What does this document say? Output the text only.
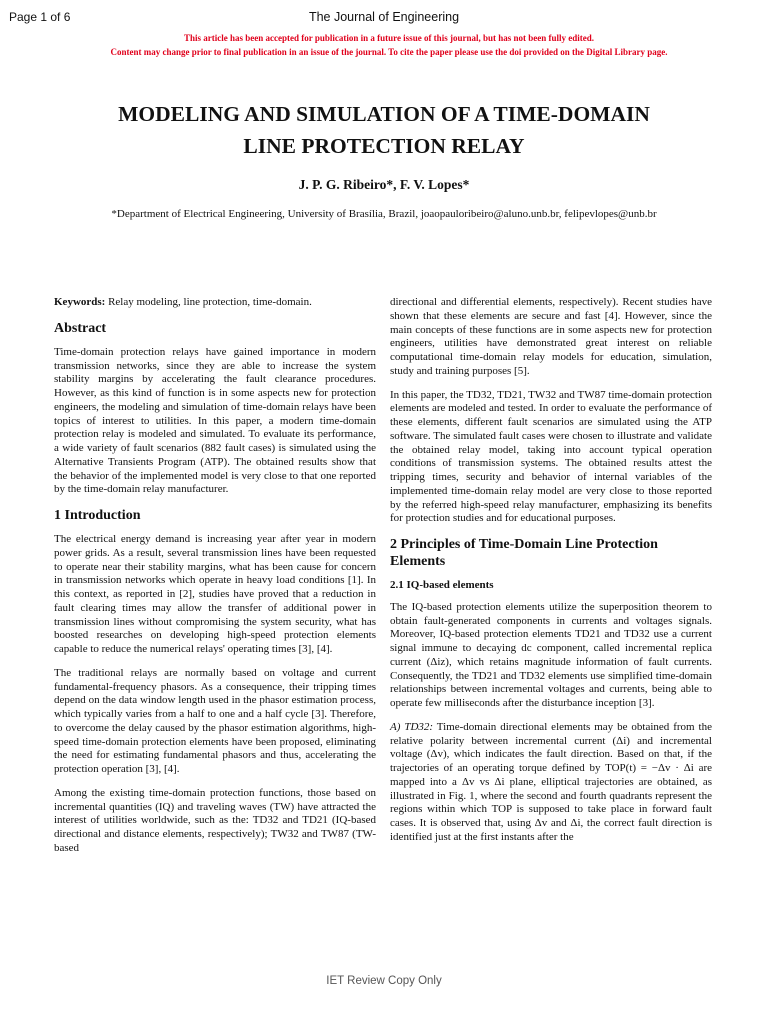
Page 1 of 6	The Journal of Engineering
This article has been accepted for publication in a future issue of this journal, but has not been fully edited.
Content may change prior to final publication in an issue of the journal. To cite the paper please use the doi provided on the Digital Library page.
MODELING AND SIMULATION OF A TIME-DOMAIN
LINE PROTECTION RELAY
J. P. G. Ribeiro*, F. V. Lopes*
*Department of Electrical Engineering, University of Brasília, Brazil, joaopauloribeiro@aluno.unb.br, felipevlopes@unb.br

Keywords: Relay modeling, line protection, time-domain.

Abstract

Time-domain protection relays have gained importance in modern transmission networks, since they are able to increase the system stability margins by accelerating the fault clearance procedures. However, as this kind of function is in some aspects new for protection engineers, the modeling and simulation of time-domain relays have been topics of interest to utilities. In this paper, a modern time-domain protection relay is modeled and simulated. To evaluate its performance, a wide variety of fault scenarios (882 fault cases) is simulated using the Alternative Transients Program (ATP). The obtained results show that the behavior of the implemented model is very close to that one reported by the time-domain relay manufacturer.

1 Introduction

The electrical energy demand is increasing year after year in modern power grids. As a result, several transmission lines have been requested to operate near their stability margins, what has been cause for concern in transmission networks which operate in heavy load conditions [1]. In this context, as reported in [2], studies have proved that a reduction in fault clearing times may allow the transfer of additional power in transmission lines without compromising the system security, what has boosted researches on developing high-speed protection elements capable to reduce the numerical relays' operating times [3], [4].

The traditional relays are normally based on voltage and current fundamental-frequency phasors. As a consequence, their tripping times depend on the data window length used in the phasor estimation process, which typically varies from a half to one and a half cycle [3]. Therefore, to overcome the delay caused by the phasor estimation algorithms, high-speed time-domain protection elements have been proposed, eliminating the need for estimating fundamental phasors and thus, accelerating the protection operation [3], [4].

Among the existing time-domain protection functions, those based on incremental quantities (IQ) and traveling waves (TW) have attracted the interest of utilities worldwide, such as the: TD32 and TD21 (IQ-based directional and distance elements, respectively); TW32 and TW87 (TW-based

directional and differential elements, respectively). Recent studies have shown that these elements are secure and fast [4]. However, since the main concepts of these functions are in some aspects new for protection engineers, utilities have demonstrated great interest on reliable computational time-domain relay models for education, simulation, study and training purposes [5].

In this paper, the TD32, TD21, TW32 and TW87 time-domain protection elements are modeled and tested. In order to evaluate the performance of these elements, different fault scenarios are simulated using the ATP software. The simulated fault cases were chosen to illustrate and validate the obtained relay model, taking into account typical operation conditions of transmission systems. The obtained results attest the tripping times, security and behavior of internal variables of the implemented time-domain relay model are very close to those reported by the referred high-speed relay manufacturer, emphasizing its benefits for protection studies and for educational purposes.

2 Principles of Time-Domain Line Protection Elements
2.1 IQ-based elements

The IQ-based protection elements utilize the superposition theorem to obtain fault-generated components in currents and voltages signals. Moreover, IQ-based protection elements TD21 and TD32 use a current signal immune to decaying dc component, called incremental replica current (Δiz), which retains magnitude information of fault currents. Consequently, the TD21 and TD32 elements use simplified time-domain relationships between incremental voltages and currents, being able to operate few milliseconds after the disturbance inception [3].

A) TD32: Time-domain directional elements may be obtained from the relative polarity between incremental current (Δi) and incremental voltage (Δv), which indicates the fault direction. Based on that, if the trajectories of an operating torque defined by TOP(t) = −Δv · Δi are mapped into a Δv vs Δi plane, elliptical trajectories are obtained, as illustrated in Fig. 1, where the second and fourth quadrants represent the regions within which TOP is supposed to take place in forward fault cases. It is observed that, using Δv and Δi, the correct fault direction is identified just at the first instants after the

IET Review Copy Only
